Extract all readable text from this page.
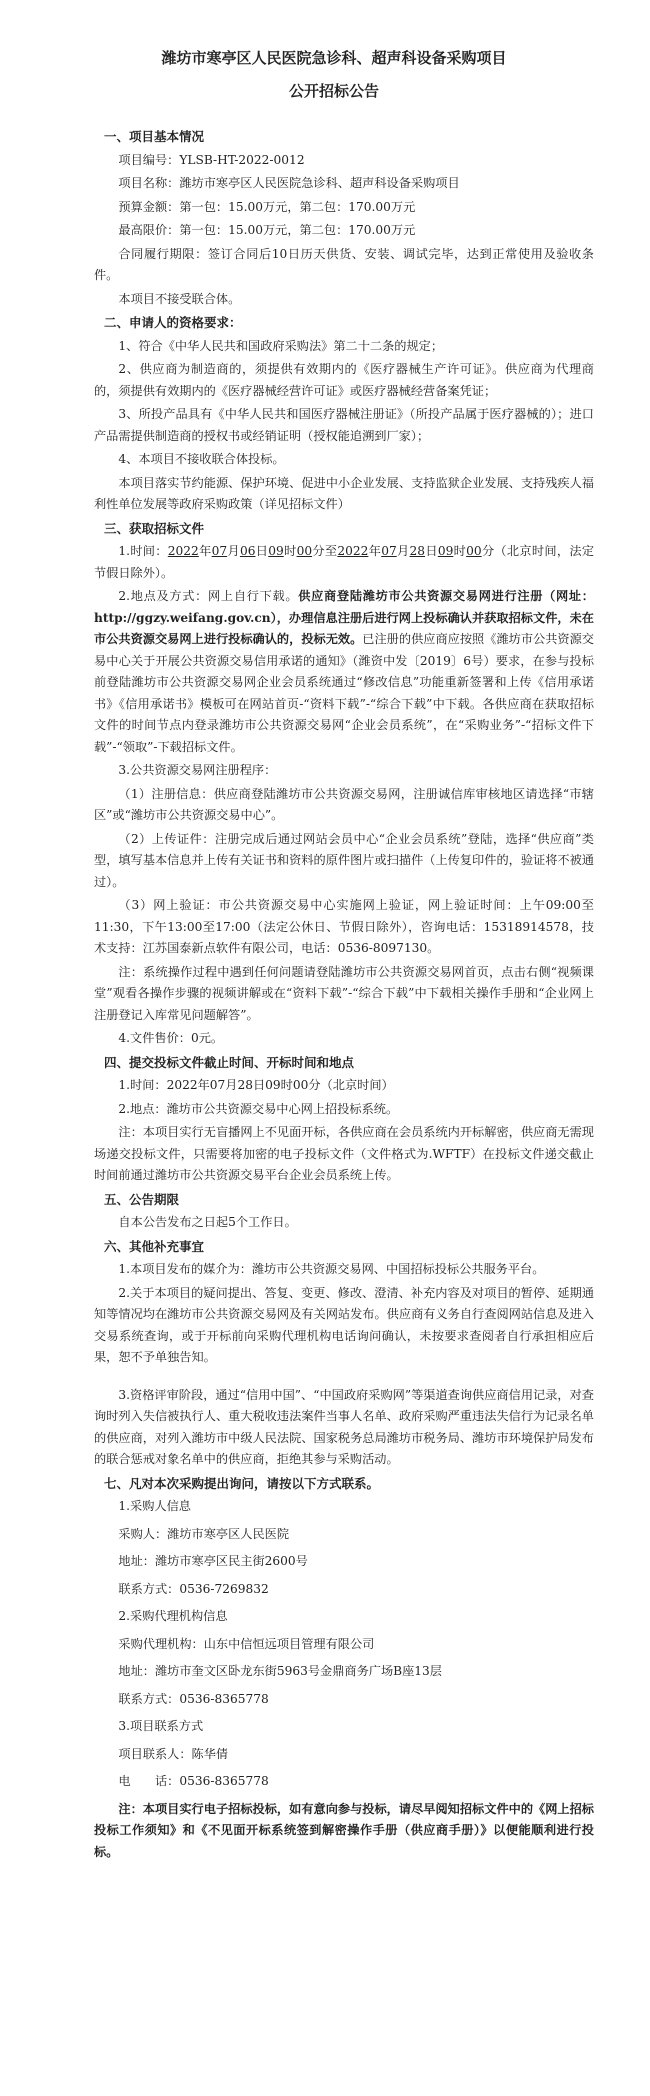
潍坊市寒亭区人民医院急诊科、超声科设备采购项目
公开招标公告
一、项目基本情况
项目编号：YLSB-HT-2022-0012
项目名称：潍坊市寒亭区人民医院急诊科、超声科设备采购项目
预算金额：第一包：15.00万元，第二包：170.00万元
最高限价：第一包：15.00万元，第二包：170.00万元
合同履行期限：签订合同后10日历天供货、安装、调试完毕，达到正常使用及验收条件。
本项目不接受联合体。
二、申请人的资格要求：
1、符合《中华人民共和国政府采购法》第二十二条的规定；
2、供应商为制造商的，须提供有效期内的《医疗器械生产许可证》。供应商为代理商的，须提供有效期内的《医疗器械经营许可证》或医疗器械经营备案凭证；
3、所投产品具有《中华人民共和国医疗器械注册证》（所投产品属于医疗器械的）；进口产品需提供制造商的授权书或经销证明（授权能追溯到厂家）；
4、本项目不接收联合体投标。
本项目落实节约能源、保护环境、促进中小企业发展、支持监狱企业发展、支持残疾人福利性单位发展等政府采购政策（详见招标文件）
三、获取招标文件
1.时间：2022年07月06日09时00分至2022年07月28日09时00分（北京时间，法定节假日除外）。
2.地点及方式：网上自行下载。供应商登陆潍坊市公共资源交易网进行注册（网址：http://ggzy.weifang.gov.cn），办理信息注册后进行网上投标确认并获取招标文件，未在市公共资源交易网上进行投标确认的，投标无效。已注册的供应商应按照《潍坊市公共资源交易中心关于开展公共资源交易信用承诺的通知》（潍资中发〔2019〕6号）要求，在参与投标前登陆潍坊市公共资源交易网企业会员系统通过“修改信息”功能重新签署和上传《信用承诺书》《信用承诺书》模板可在网站首页-“资料下载”-“综合下载”中下载。各供应商在获取招标文件的时间节点内登录潍坊市公共资源交易网“企业会员系统”，在“采购业务”-“招标文件下载”-“领取”-下载招标文件。
3.公共资源交易网注册程序：
（1）注册信息：供应商登陆潍坊市公共资源交易网，注册诚信库审核地区请选择“市辖区”或“潍坊市公共资源交易中心”。
（2）上传证件：注册完成后通过网站会员中心“企业会员系统”登陆，选择“供应商”类型，填写基本信息并上传有关证书和资料的原件图片或扫描件（上传复印件的，验证将不被通过）。
（3）网上验证：市公共资源交易中心实施网上验证，网上验证时间：上午09:00至11:30，下午13:00至17:00（法定公休日、节假日除外），咨询电话：15318914578，技术支持：江苏国泰新点软件有限公司，电话：0536-8097130。
注：系统操作过程中遇到任何问题请登陆潍坊市公共资源交易网首页，点击右侧“视频课堂”观看各操作步骤的视频讲解或在“资料下载”-“综合下载”中下载相关操作手册和“企业网上注册登记入库常见问题解答”。
4.文件售价：0元。
四、提交投标文件截止时间、开标时间和地点
1.时间：2022年07月28日09时00分（北京时间）
2.地点：潍坊市公共资源交易中心网上招投标系统。
注：本项目实行无盲播网上不见面开标，各供应商在会员系统内开标解密，供应商无需现场递交投标文件，只需要将加密的电子投标文件（文件格式为.WFTF）在投标文件递交截止时间前通过潍坊市公共资源交易平台企业会员系统上传。
五、公告期限
自本公告发布之日起5个工作日。
六、其他补充事宜
1.本项目发布的媒介为：潍坊市公共资源交易网、中国招标投标公共服务平台。
2.关于本项目的疑问提出、答复、变更、修改、澄清、补充内容及对项目的暂停、延期通知等情况均在潍坊市公共资源交易网及有关网站发布。供应商有义务自行查阅网站信息及进入交易系统查询，或于开标前向采购代理机构电话询问确认，未按要求查阅者自行承担相应后果，恕不予单独告知。
3.资格评审阶段，通过“信用中国”、“中国政府采购网”等渠道查询供应商信用记录，对查询时列入失信被执行人、重大税收违法案件当事人名单、政府采购严重违法失信行为记录名单的供应商，对列入潍坊市中级人民法院、国家税务总局潍坊市税务局、潍坊市环境保护局发布的联合惩戒对象名单中的供应商，拒绝其参与采购活动。
七、凡对本次采购提出询问，请按以下方式联系。
1.采购人信息
采购人：潍坊市寒亭区人民医院
地址：潍坊市寒亭区民主街2600号
联系方式：0536-7269832
2.采购代理机构信息
采购代理机构：山东中信恒远项目管理有限公司
地址：潍坊市奎文区卧龙东街5963号金鼎商务广场B座13层
联系方式：0536-8365778
3.项目联系方式
项目联系人：陈华倩
电　　话：0536-8365778
注：本项目实行电子招标投标，如有意向参与投标，请尽早阅知招标文件中的《网上招标投标工作须知》和《不见面开标系统签到解密操作手册（供应商手册）》以便能顺利进行投标。
